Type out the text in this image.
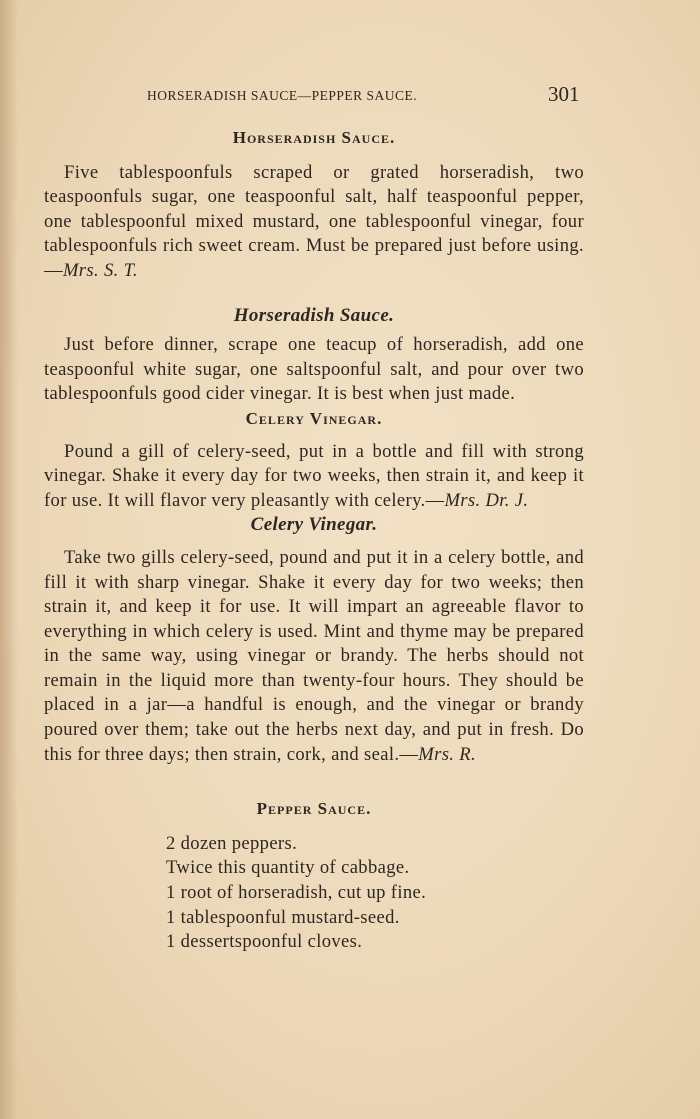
HORSERADISH SAUCE—PEPPER SAUCE.	301
Horseradish Sauce.

Five tablespoonfuls scraped or grated horseradish, two teaspoonfuls sugar, one teaspoonful salt, half teaspoonful pepper, one tablespoonful mixed mustard, one tablespoonful vinegar, four tablespoonfuls rich sweet cream. Must be prepared just before using.—Mrs. S. T.

Horseradish Sauce.

Just before dinner, scrape one teacup of horseradish, add one teaspoonful white sugar, one saltspoonful salt, and pour over two tablespoonfuls good cider vinegar. It is best when just made.

Celery Vinegar.

Pound a gill of celery-seed, put in a bottle and fill with strong vinegar. Shake it every day for two weeks, then strain it, and keep it for use. It will flavor very pleasantly with celery.—Mrs. Dr. J.

Celery Vinegar.

Take two gills celery-seed, pound and put it in a celery bottle, and fill it with sharp vinegar. Shake it every day for two weeks; then strain it, and keep it for use. It will impart an agreeable flavor to everything in which celery is used. Mint and thyme may be prepared in the same way, using vinegar or brandy. The herbs should not remain in the liquid more than twenty-four hours. They should be placed in a jar—a handful is enough, and the vinegar or brandy poured over them; take out the herbs next day, and put in fresh. Do this for three days; then strain, cork, and seal.—Mrs. R.

Pepper Sauce.
2 dozen peppers.
Twice this quantity of cabbage.
1 root of horseradish, cut up fine.
1 tablespoonful mustard-seed.
1 dessertspoonful cloves.
